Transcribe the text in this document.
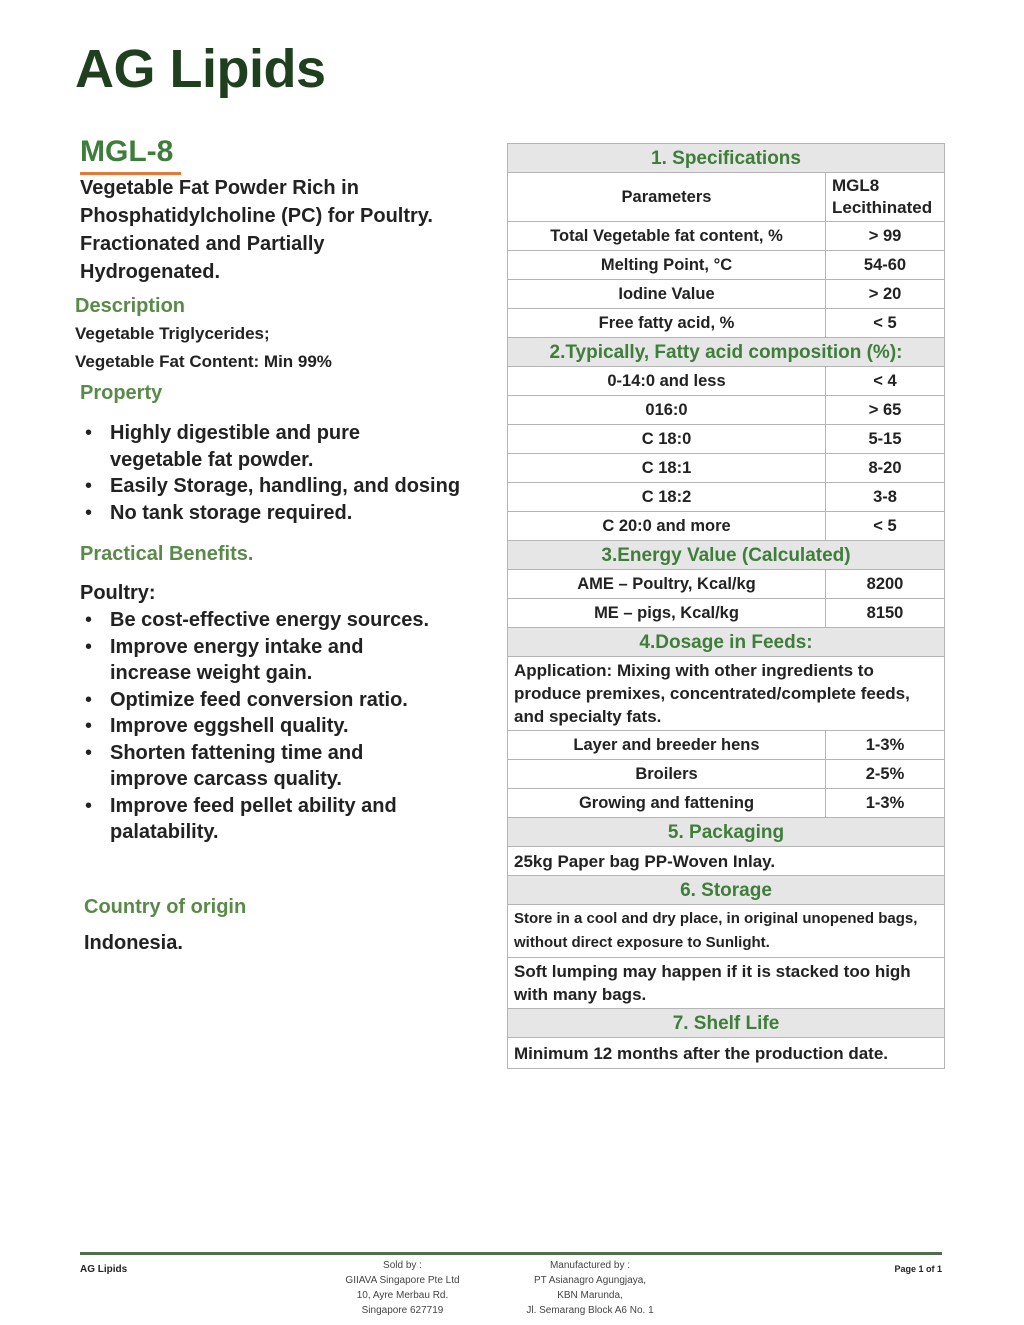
AG Lipids
MGL-8
Vegetable Fat Powder Rich in
Phosphatidylcholine (PC) for Poultry.
Fractionated and Partially
Hydrogenated.
Description
Vegetable Triglycerides;
Vegetable Fat Content: Min 99%
Property
• Highly digestible and pure vegetable fat powder.
• Easily Storage, handling, and dosing
• No tank storage required.
Practical Benefits.
Poultry:
• Be cost-effective energy sources.
• Improve energy intake and increase weight gain.
• Optimize feed conversion ratio.
• Improve eggshell quality.
• Shorten fattening time and improve carcass quality.
• Improve feed pellet ability and palatability.
Country of origin
Indonesia.
1. Specifications	
Parameters	MGL8
Lecithinated

Total Vegetable fat content, %	> 99
Melting Point, °C	54-60
Iodine Value	> 20
Free fatty acid, %	< 5
2.Typically, Fatty acid composition (%):	
0-14:0 and less	< 4
016:0	> 65
C 18:0	5-15
C 18:1	8-20
C 18:2	3-8
C 20:0 and more	< 5
3.Energy Value (Calculated)	
AME – Poultry, Kcal/kg	8200
ME – pigs, Kcal/kg	8150
4.Dosage in Feeds:	
Application: Mixing with other ingredients to produce premixes, concentrated/complete feeds, and specialty fats.	
Layer and breeder hens	1-3%
Broilers	2-5%
Growing and fattening	1-3%
5. Packaging	
25kg Paper bag PP-Woven Inlay.	
6. Storage	
Store in a cool and dry place, in original unopened bags, without direct exposure to Sunlight.	
Soft lumping may happen if it is stacked too high with many bags.	
7. Shelf Life	
Minimum 12 months after the production date.	
AG Lipids	Sold by :
GIIAVA Singapore Pte Ltd
10, Ayre Merbau Rd.
Singapore 627719
Manufactured by :
PT Asianagro Agungjaya,
KBN Marunda,
Jl. Semarang Block A6 No. 1
Page 1 of 1
